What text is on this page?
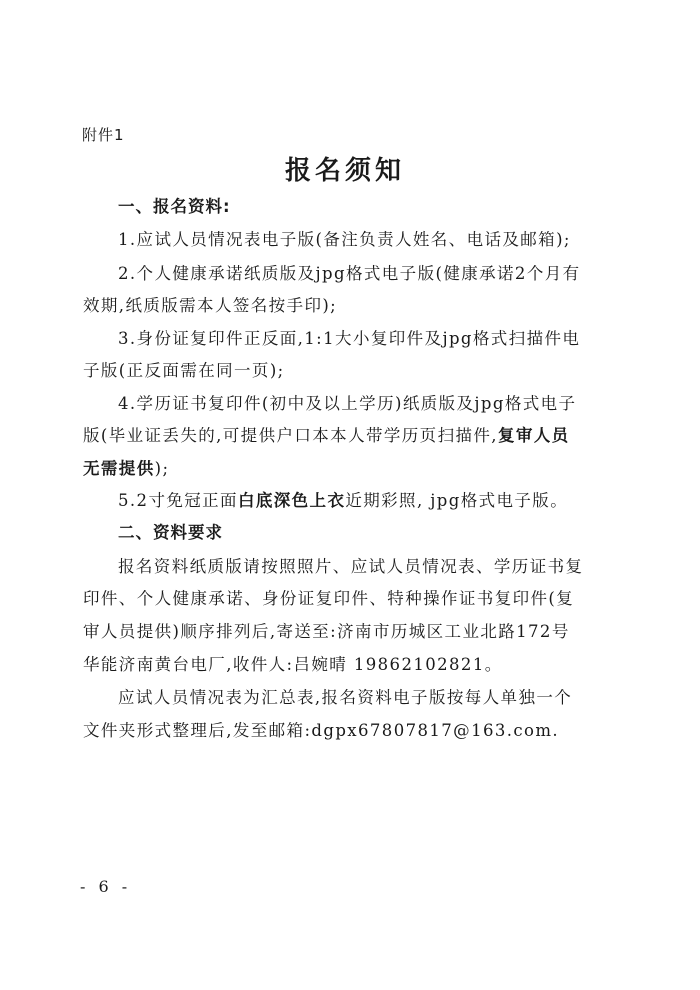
附件1
报名须知
一、报名资料:
1.应试人员情况表电子版(备注负责人姓名、电话及邮箱);
2.个人健康承诺纸质版及jpg格式电子版(健康承诺2个月有
效期,纸质版需本人签名按手印);
3.身份证复印件正反面,1:1大小复印件及jpg格式扫描件电
子版(正反面需在同一页);
4.学历证书复印件(初中及以上学历)纸质版及jpg格式电子
版(毕业证丢失的,可提供户口本本人带学历页扫描件,复审人员
无需提供);
5.2寸免冠正面白底深色上衣近期彩照, jpg格式电子版。
二、资料要求
报名资料纸质版请按照照片、应试人员情况表、学历证书复
印件、个人健康承诺、身份证复印件、特种操作证书复印件(复
审人员提供)顺序排列后,寄送至:济南市历城区工业北路172号
华能济南黄台电厂,收件人:吕婉晴 19862102821。
应试人员情况表为汇总表,报名资料电子版按每人单独一个
文件夹形式整理后,发至邮箱:dgpx67807817@163.com.
- 6 -
